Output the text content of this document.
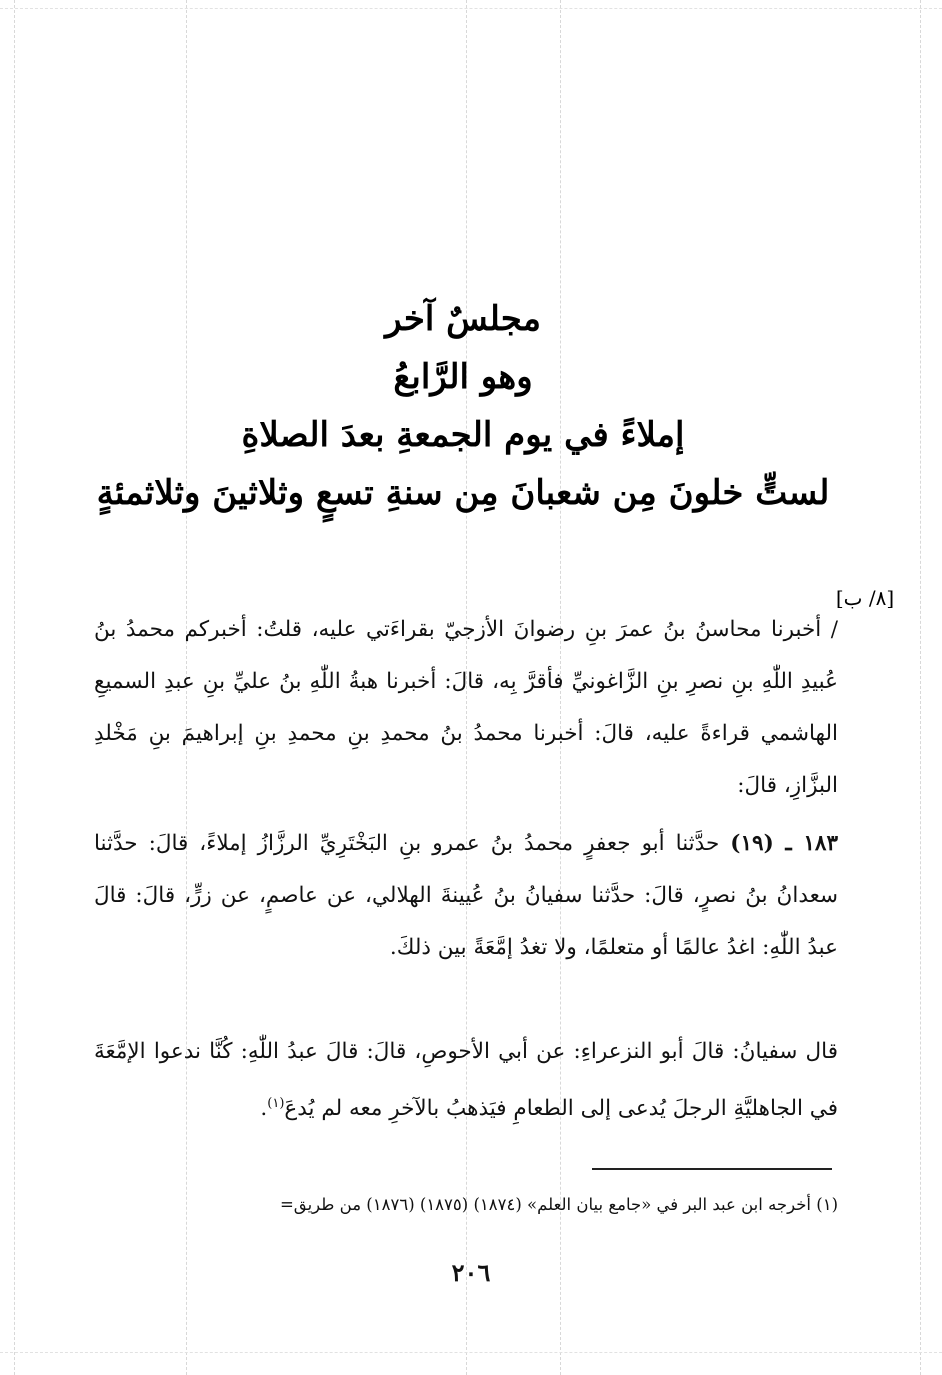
مجلسٌ آخر
وهو الرَّابعُ
إملاءً في يوم الجمعةِ بعدَ الصلاةِ
لستٍّ خلونَ مِن شعبانَ مِن سنةِ تسعٍ وثلاثينَ وثلاثمئةٍ
[٨/ ب]

/ أخبرنا محاسنُ بنُ عمرَ بنِ رضوانَ الأزجيّ بقراءَتي عليه، قلتُ: أخبركم محمدُ بنُ عُبيدِ اللّٰهِ بنِ نصرِ بنِ الزَّاغونيِّ فأقرَّ بِه، قالَ: أخبرنا هبةُ اللّٰهِ بنُ عليِّ بنِ عبدِ السميعِ الهاشمي قراءةً عليه، قالَ: أخبرنا محمدُ بنُ محمدِ بنِ محمدِ بنِ إبراهيمَ بنِ مَخْلدِ البزَّازِ، قالَ:

١٨٣ ـ (١٩) حدَّثنا أبو جعفرٍ محمدُ بنُ عمرو بنِ البَخْتَرِيِّ الرزَّازُ إملاءً، قالَ: حدَّثنا سعدانُ بنُ نصرٍ، قالَ: حدَّثنا سفيانُ بنُ عُيينةَ الهلالي، عن عاصمٍ، عن زرٍّ، قالَ: قالَ عبدُ اللّٰهِ: اغدُ عالمًا أو متعلمًا، ولا تغدُ إمَّعَةً بين ذلكَ.

قال سفيانُ: قالَ أبو النزعراءِ: عن أبي الأحوصِ، قالَ: قالَ عبدُ اللّٰهِ: كُنَّا ندعوا الإمَّعَةَ في الجاهليَّةِ الرجلَ يُدعى إلى الطعامِ فيَذهبُ بالآخرِ معه لم يُدعَ$^{(١)}$.

(١) أخرجه ابن عبد البر في «جامع بيان العلم» (١٨٧٤) (١٨٧٥) (١٨٧٦) من طريق=
٢٠٦
